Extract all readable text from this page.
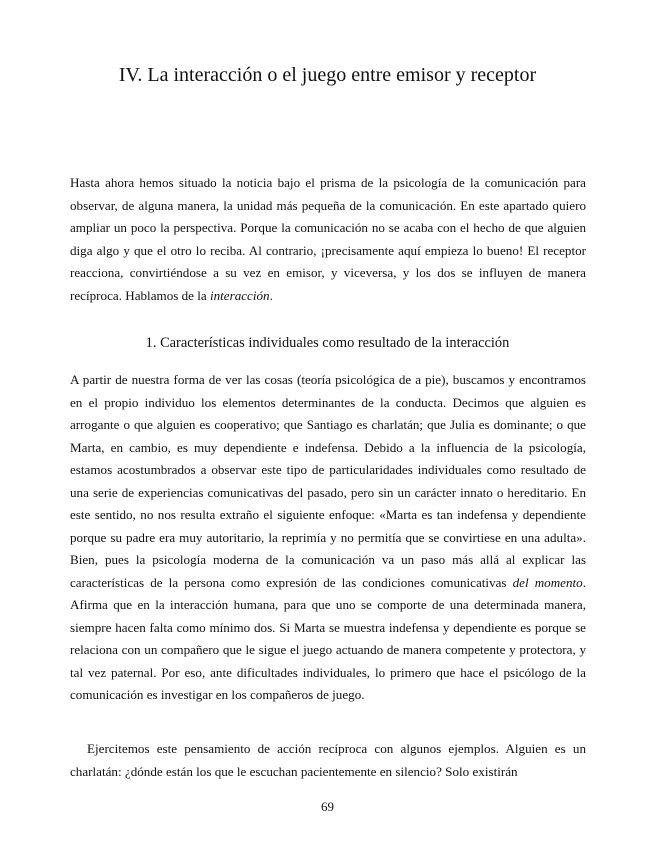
IV. La interacción o el juego entre emisor y receptor

Hasta ahora hemos situado la noticia bajo el prisma de la psicología de la comunicación para observar, de alguna manera, la unidad más pequeña de la comunicación. En este apartado quiero ampliar un poco la perspectiva. Porque la comunicación no se acaba con el hecho de que alguien diga algo y que el otro lo reciba. Al contrario, ¡precisamente aquí empieza lo bueno! El receptor reacciona, convirtiéndose a su vez en emisor, y viceversa, y los dos se influyen de manera recíproca. Hablamos de la interacción.

1. Características individuales como resultado de la interacción

A partir de nuestra forma de ver las cosas (teoría psicológica de a pie), buscamos y encontramos en el propio individuo los elementos determinantes de la conducta. Decimos que alguien es arrogante o que alguien es cooperativo; que Santiago es charlatán; que Julia es dominante; o que Marta, en cambio, es muy dependiente e indefensa. Debido a la influencia de la psicología, estamos acostumbrados a observar este tipo de particularidades individuales como resultado de una serie de experiencias comunicativas del pasado, pero sin un carácter innato o hereditario. En este sentido, no nos resulta extraño el siguiente enfoque: «Marta es tan indefensa y dependiente porque su padre era muy autoritario, la reprimía y no permitía que se convirtiese en una adulta». Bien, pues la psicología moderna de la comunicación va un paso más allá al explicar las características de la persona como expresión de las condiciones comunicativas del momento. Afirma que en la interacción humana, para que uno se comporte de una determinada manera, siempre hacen falta como mínimo dos. Si Marta se muestra indefensa y dependiente es porque se relaciona con un compañero que le sigue el juego actuando de manera competente y protectora, y tal vez paternal. Por eso, ante dificultades individuales, lo primero que hace el psicólogo de la comunicación es investigar en los compañeros de juego.

Ejercitemos este pensamiento de acción recíproca con algunos ejemplos. Alguien es un charlatán: ¿dónde están los que le escuchan pacientemente en silencio? Solo existirán

69
